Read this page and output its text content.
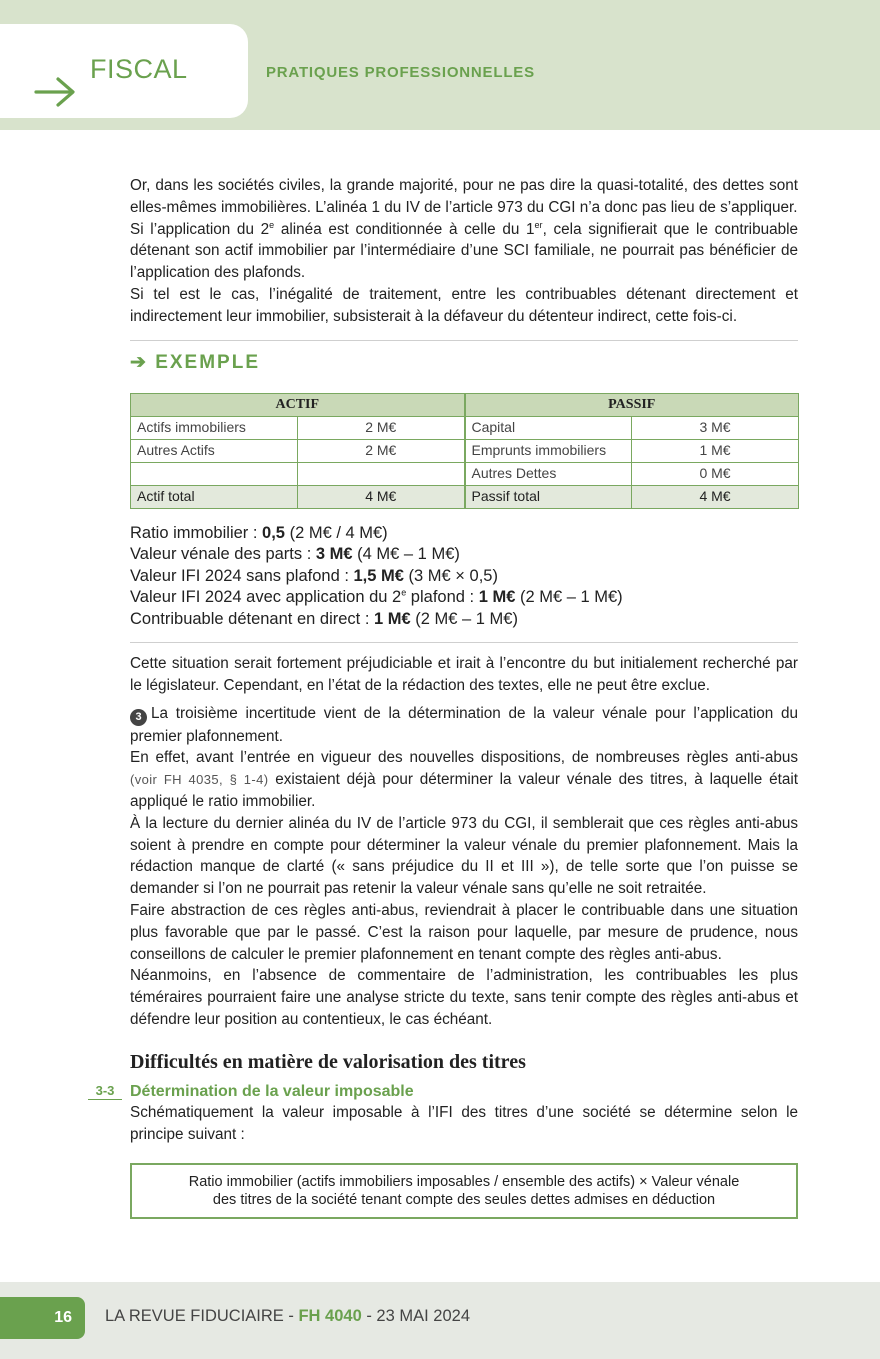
FISCAL	PRATIQUES PROFESSIONNELLES

Or, dans les sociétés civiles, la grande majorité, pour ne pas dire la quasi-totalité, des dettes sont elles-mêmes immobilières. L’alinéa 1 du IV de l’article 973 du CGI n’a donc pas lieu de s’appliquer.

Si l’application du 2e alinéa est conditionnée à celle du 1er, cela signifierait que le contribuable détenant son actif immobilier par l’intermédiaire d’une SCI familiale, ne pourrait pas bénéficier de l’application des plafonds.

Si tel est le cas, l’inégalité de traitement, entre les contribuables détenant directement et indirectement leur immobilier, subsisterait à la défaveur du détenteur indirect, cette fois-ci.

➔ EXEMPLE
ACTIF		PASSIF	
Actifs immobiliers	2 M€	Capital	3 M€
Autres Actifs	2 M€	Emprunts immobiliers	1 M€
		Autres Dettes	0 M€
Actif total	4 M€	Passif total	4 M€
Ratio immobilier : 0,5 (2 M€ / 4 M€)
Valeur vénale des parts : 3 M€ (4 M€ – 1 M€)
Valeur IFI 2024 sans plafond : 1,5 M€ (3 M€ × 0,5)
Valeur IFI 2024 avec application du 2e plafond : 1 M€ (2 M€ – 1 M€)
Contribuable détenant en direct : 1 M€ (2 M€ – 1 M€)

Cette situation serait fortement préjudiciable et irait à l’encontre du but initialement recherché par le législateur. Cependant, en l’état de la rédaction des textes, elle ne peut être exclue.

3 La troisième incertitude vient de la détermination de la valeur vénale pour l’application du premier plafonnement.

En effet, avant l’entrée en vigueur des nouvelles dispositions, de nombreuses règles anti-abus (voir FH 4035, § 1-4) existaient déjà pour déterminer la valeur vénale des titres, à laquelle était appliqué le ratio immobilier.

À la lecture du dernier alinéa du IV de l’article 973 du CGI, il semblerait que ces règles anti-abus soient à prendre en compte pour déterminer la valeur vénale du premier plafonnement. Mais la rédaction manque de clarté (« sans préjudice du II et III »), de telle sorte que l’on puisse se demander si l’on ne pourrait pas retenir la valeur vénale sans qu’elle ne soit retraitée.

Faire abstraction de ces règles anti-abus, reviendrait à placer le contribuable dans une situation plus favorable que par le passé. C’est la raison pour laquelle, par mesure de prudence, nous conseillons de calculer le premier plafonnement en tenant compte des règles anti-abus.

Néanmoins, en l’absence de commentaire de l’administration, les contribuables les plus téméraires pourraient faire une analyse stricte du texte, sans tenir compte des règles anti-abus et défendre leur position au contentieux, le cas échéant.

Difficultés en matière de valorisation des titres
3-3 Détermination de la valeur imposable

Schématiquement la valeur imposable à l’IFI des titres d’une société se détermine selon le principe suivant :

Ratio immobilier (actifs immobiliers imposables / ensemble des actifs) × Valeur vénale
des titres de la société tenant compte des seules dettes admises en déduction
16	LA REVUE FIDUCIAIRE - FH 4040 - 23 MAI 2024
